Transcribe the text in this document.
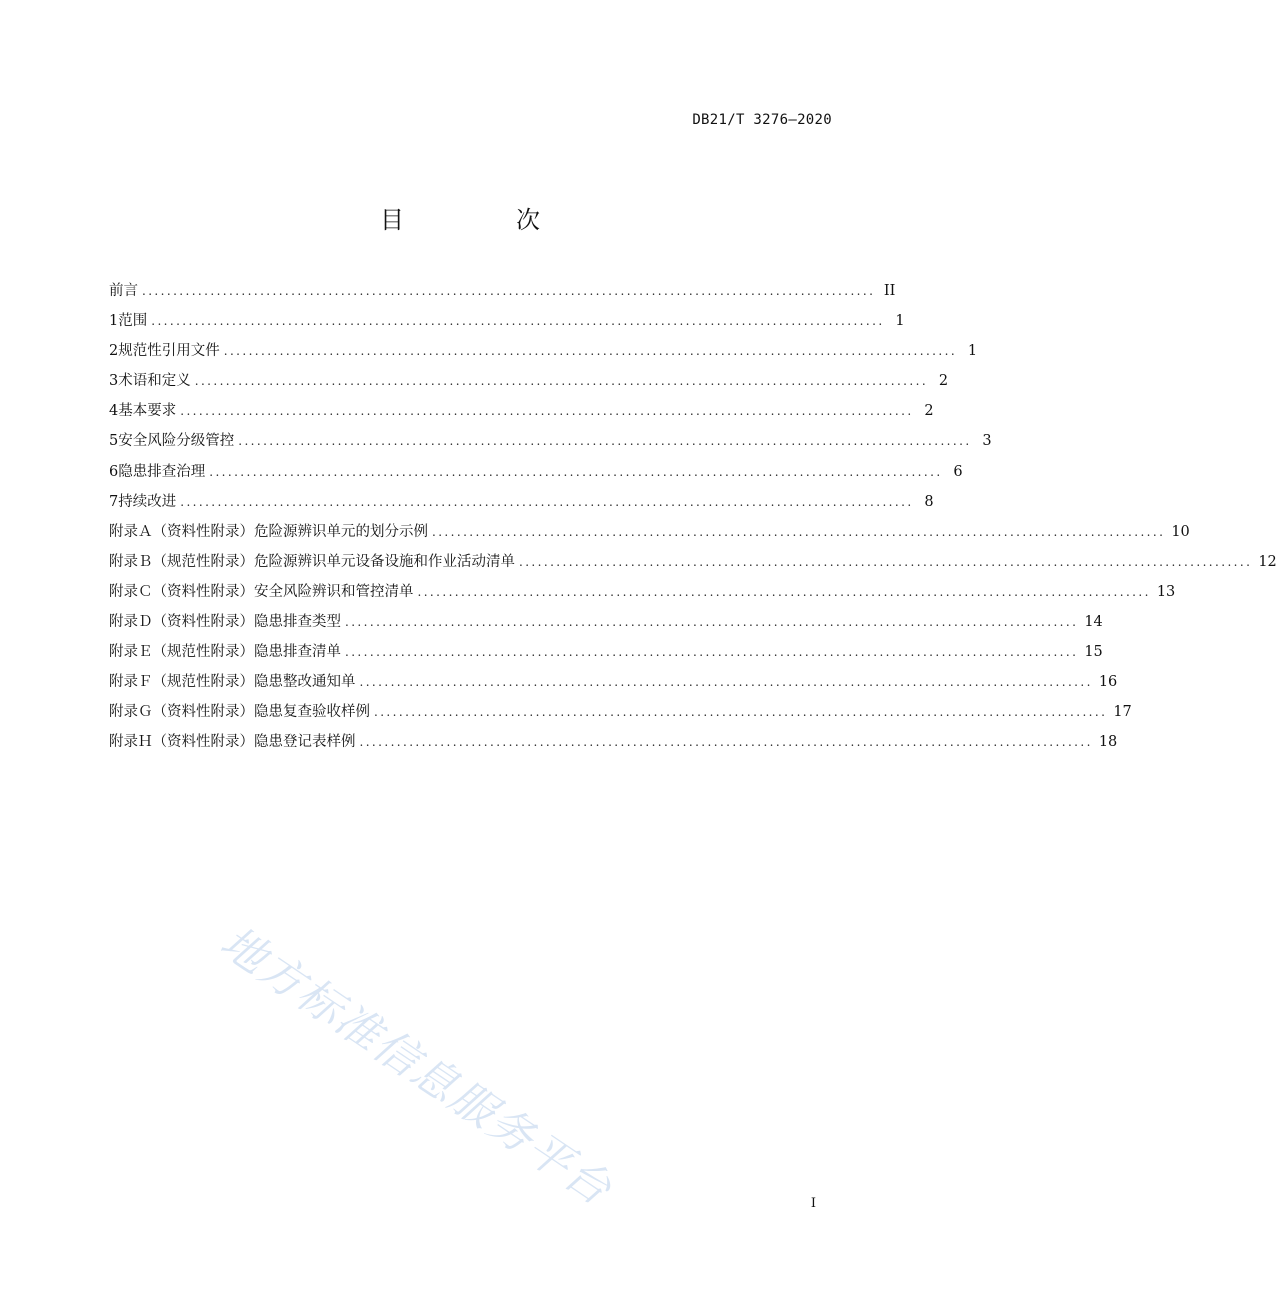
DB21/T 3276—2020
目　次
前言 ...................................................................................................................... II
1 范围 ...................................................................................................................... 1
2 规范性引用文件 ...................................................................................................................... 1
3 术语和定义 ...................................................................................................................... 2
4 基本要求 ...................................................................................................................... 2
5 安全风险分级管控 ...................................................................................................................... 3
6 隐患排查治理 ...................................................................................................................... 6
7 持续改进 ...................................................................................................................... 8
附录Ａ（资料性附录） 危险源辨识单元的划分示例 ...................................................................................................................... 10
附录Ｂ（规范性附录） 危险源辨识单元设备设施和作业活动清单 ...................................................................................................................... 12
附录Ｃ（资料性附录） 安全风险辨识和管控清单 ...................................................................................................................... 13
附录Ｄ（资料性附录） 隐患排查类型 ...................................................................................................................... 14
附录Ｅ（规范性附录） 隐患排查清单 ...................................................................................................................... 15
附录Ｆ（规范性附录） 隐患整改通知单 ...................................................................................................................... 16
附录Ｇ（资料性附录） 隐患复查验收样例 ...................................................................................................................... 17
附录Ｈ（资料性附录） 隐患登记表样例 ...................................................................................................................... 18
地方标准信息服务平台	I
